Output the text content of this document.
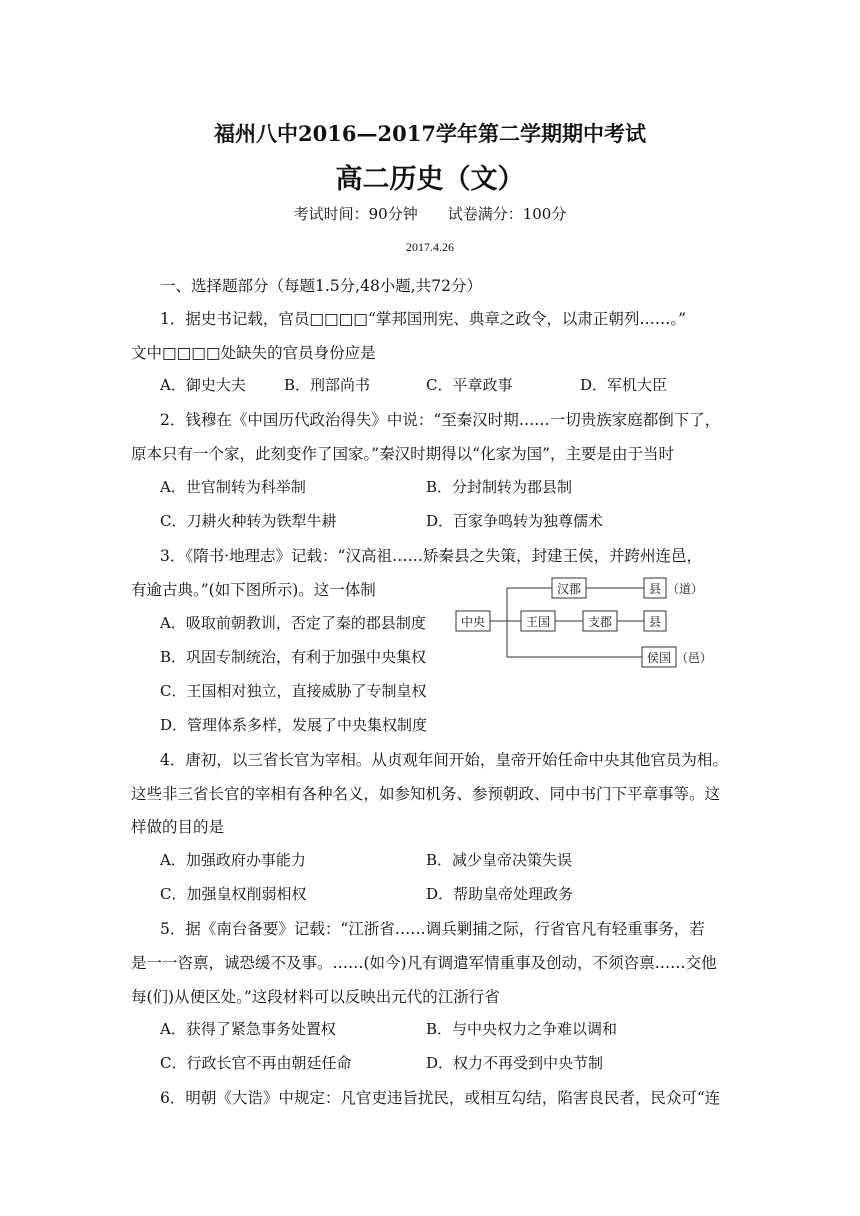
福州八中2016—2017学年第二学期期中考试
高二历史（文）
考试时间：90分钟　　试卷满分：100分
2017.4.26
一、选择题部分（每题1.5分,48小题,共72分）
1．据史书记载，官员□□□□“掌邦国刑宪、典章之政令，以肃正朝列……。”
文中□□□□处缺失的官员身份应是
A．御史大夫	B．刑部尚书	C．平章政事	D．军机大臣
2．钱穆在《中国历代政治得失》中说：“至秦汉时期……一切贵族家庭都倒下了，
原本只有一个家，此刻变作了国家。”秦汉时期得以“化家为国”，主要是由于当时
A．世官制转为科举制	B．分封制转为郡县制
C．刀耕火种转为铁犁牛耕	D．百家争鸣转为独尊儒术
3．《隋书·地理志》记载：“汉高祖……矫秦县之失策，封建王侯，并跨州连邑，
有逾古典。”(如下图所示)。这一体制
A．吸取前朝教训，否定了秦的郡县制度
B．巩固专制统治，有利于加强中央集权
C．王国相对独立，直接威胁了专制皇权
D．管理体系多样，发展了中央集权制度
中央
汉郡	县 （道）
王国	支郡	县
侯国 （邑）
4．唐初，以三省长官为宰相。从贞观年间开始，皇帝开始任命中央其他官员为相。
这些非三省长官的宰相有各种名义，如参知机务、参预朝政、同中书门下平章事等。这
样做的目的是
A．加强政府办事能力	B．减少皇帝决策失误
C．加强皇权削弱相权	D．帮助皇帝处理政务
5．据《南台备要》记载：“江浙省……调兵剿捕之际，行省官凡有轻重事务，若
是一一咨禀，诚恐缓不及事。……(如今)凡有调遣军情重事及创动，不须咨禀……交他
每(们)从便区处。”这段材料可以反映出元代的江浙行省
A．获得了紧急事务处置权	B．与中央权力之争难以调和
C．行政长官不再由朝廷任命	D．权力不再受到中央节制
6．明朝《大诰》中规定：凡官吏违旨扰民，或相互勾结，陷害良民者，民众可“连
